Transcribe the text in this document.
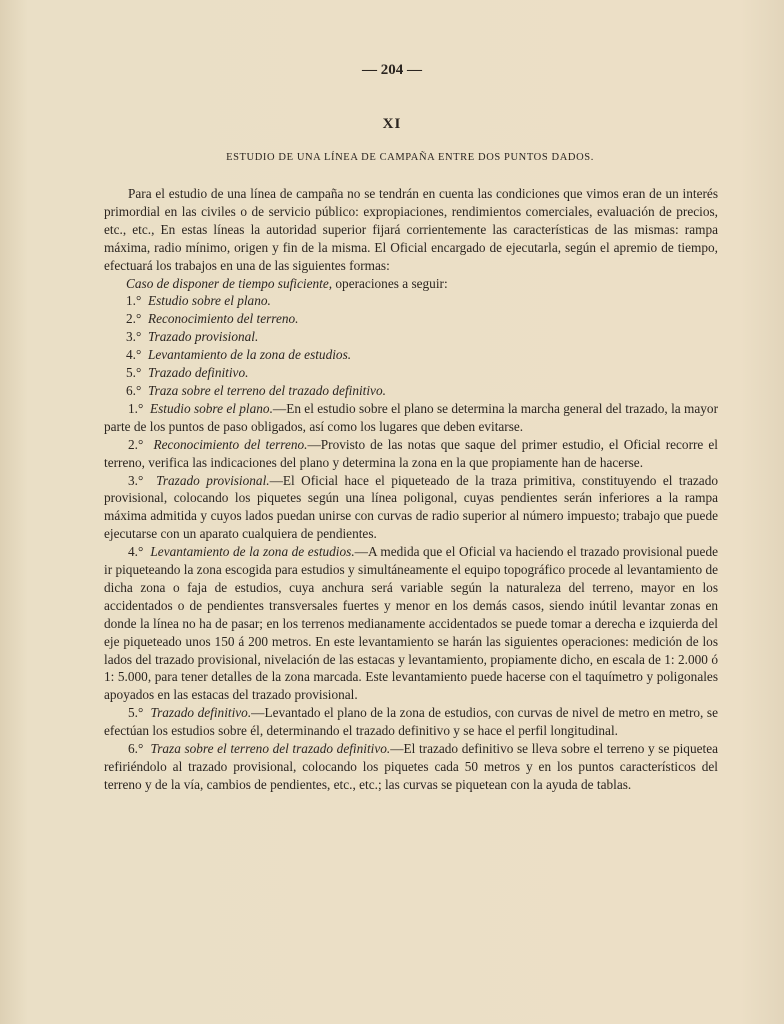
— 204 —
XI
ESTUDIO DE UNA LÍNEA DE CAMPAÑA ENTRE DOS PUNTOS DADOS.

Para el estudio de una línea de campaña no se tendrán en cuenta las condiciones que vimos eran de un interés primordial en las civiles o de servicio público: expropiaciones, rendimientos comerciales, evaluación de precios, etc., etc., En estas líneas la autoridad superior fijará corrientemente las características de las mismas: rampa máxima, radio mínimo, origen y fin de la misma. El Oficial encargado de ejecutarla, según el apremio de tiempo, efectuará los trabajos en una de las siguientes formas:

Caso de disponer de tiempo suficiente, operaciones a seguir:
1.° Estudio sobre el plano.
2.° Reconocimiento del terreno.
3.° Trazado provisional.
4.° Levantamiento de la zona de estudios.
5.° Trazado definitivo.
6.° Traza sobre el terreno del trazado definitivo.

1.° Estudio sobre el plano.—En el estudio sobre el plano se determina la marcha general del trazado, la mayor parte de los puntos de paso obligados, así como los lugares que deben evitarse.

2.° Reconocimiento del terreno.—Provisto de las notas que saque del primer estudio, el Oficial recorre el terreno, verifica las indicaciones del plano y determina la zona en la que propiamente han de hacerse.

3.° Trazado provisional.—El Oficial hace el piqueteado de la traza primitiva, constituyendo el trazado provisional, colocando los piquetes según una línea poligonal, cuyas pendientes serán inferiores a la rampa máxima admitida y cuyos lados puedan unirse con curvas de radio superior al número impuesto; trabajo que puede ejecutarse con un aparato cualquiera de pendientes.

4.° Levantamiento de la zona de estudios.—A medida que el Oficial va haciendo el trazado provisional puede ir piqueteando la zona escogida para estudios y simultáneamente el equipo topográfico procede al levantamiento de dicha zona o faja de estudios, cuya anchura será variable según la naturaleza del terreno, mayor en los accidentados o de pendientes transversales fuertes y menor en los demás casos, siendo inútil levantar zonas en donde la línea no ha de pasar; en los terrenos medianamente accidentados se puede tomar a derecha e izquierda del eje piqueteado unos 150 á 200 metros. En este levantamiento se harán las siguientes operaciones: medición de los lados del trazado provisional, nivelación de las estacas y levantamiento, propiamente dicho, en escala de 1: 2.000 ó 1: 5.000, para tener detalles de la zona marcada. Este levantamiento puede hacerse con el taquímetro y poligonales apoyados en las estacas del trazado provisional.

5.° Trazado definitivo.—Levantado el plano de la zona de estudios, con curvas de nivel de metro en metro, se efectúan los estudios sobre él, determinando el trazado definitivo y se hace el perfil longitudinal.

6.° Traza sobre el terreno del trazado definitivo.—El trazado definitivo se lleva sobre el terreno y se piquetea refiriéndolo al trazado provisional, colocando los piquetes cada 50 metros y en los puntos característicos del terreno y de la vía, cambios de pendientes, etc., etc.; las curvas se piquetean con la ayuda de tablas.
